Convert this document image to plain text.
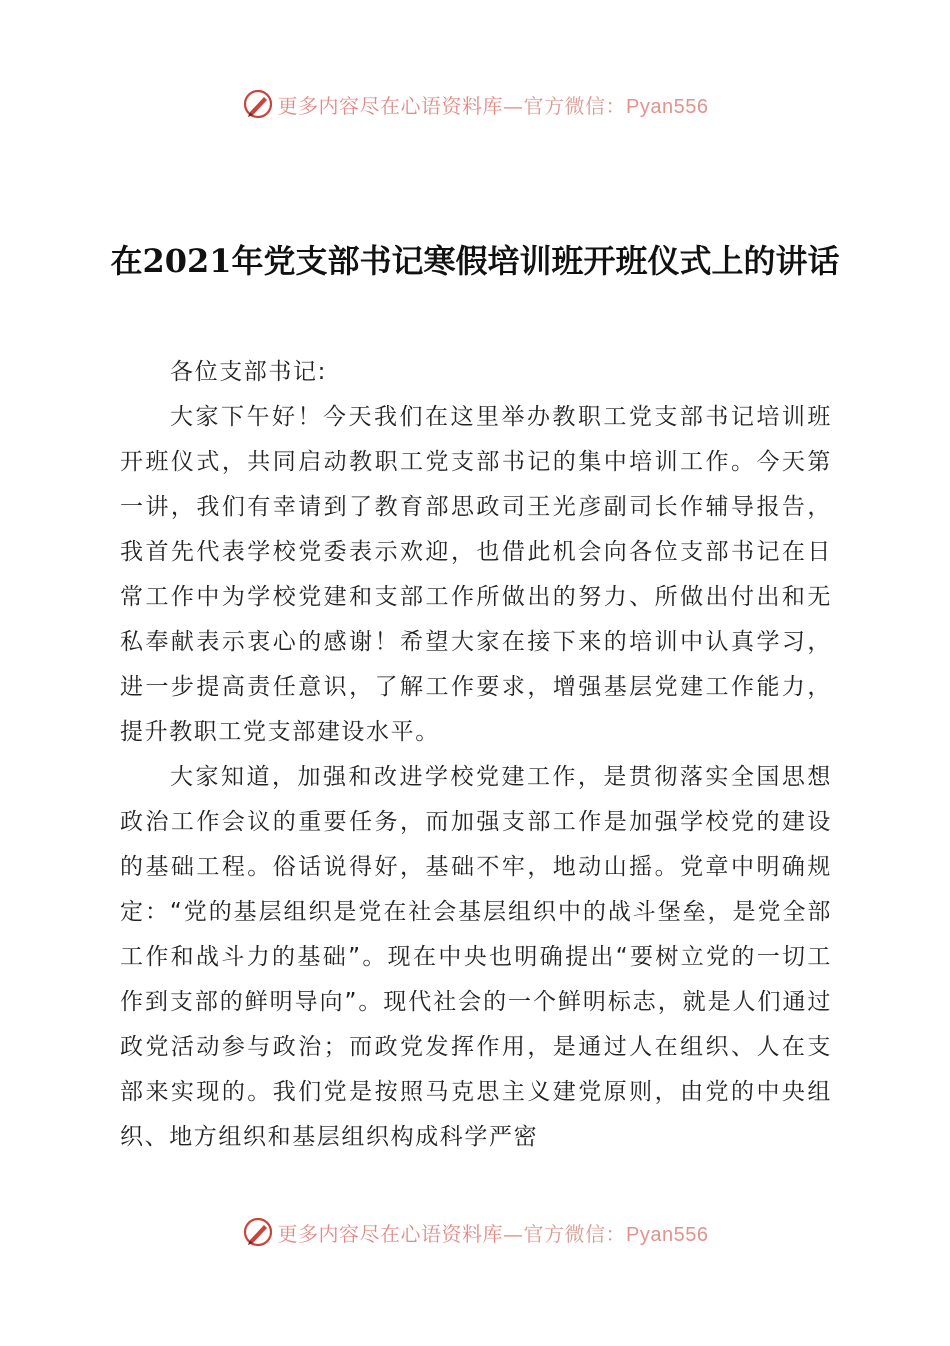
更多内容尽在心语资料库—官方微信：Pyan556
在2021年党支部书记寒假培训班开班仪式上的讲话

各位支部书记:

大家下午好！今天我们在这里举办教职工党支部书记培训班开班仪式，共同启动教职工党支部书记的集中培训工作。今天第一讲，我们有幸请到了教育部思政司王光彦副司长作辅导报告，我首先代表学校党委表示欢迎，也借此机会向各位支部书记在日常工作中为学校党建和支部工作所做出的努力、所做出付出和无私奉献表示衷心的感谢！希望大家在接下来的培训中认真学习，进一步提高责任意识，了解工作要求，增强基层党建工作能力，提升教职工党支部建设水平。

大家知道，加强和改进学校党建工作，是贯彻落实全国思想政治工作会议的重要任务，而加强支部工作是加强学校党的建设的基础工程。俗话说得好，基础不牢，地动山摇。党章中明确规定：“党的基层组织是党在社会基层组织中的战斗堡垒，是党全部工作和战斗力的基础”。现在中央也明确提出“要树立党的一切工作到支部的鲜明导向”。现代社会的一个鲜明标志，就是人们通过政党活动参与政治；而政党发挥作用，是通过人在组织、人在支部来实现的。我们党是按照马克思主义建党原则，由党的中央组织、地方组织和基层组织构成科学严密

更多内容尽在心语资料库—官方微信：Pyan556
